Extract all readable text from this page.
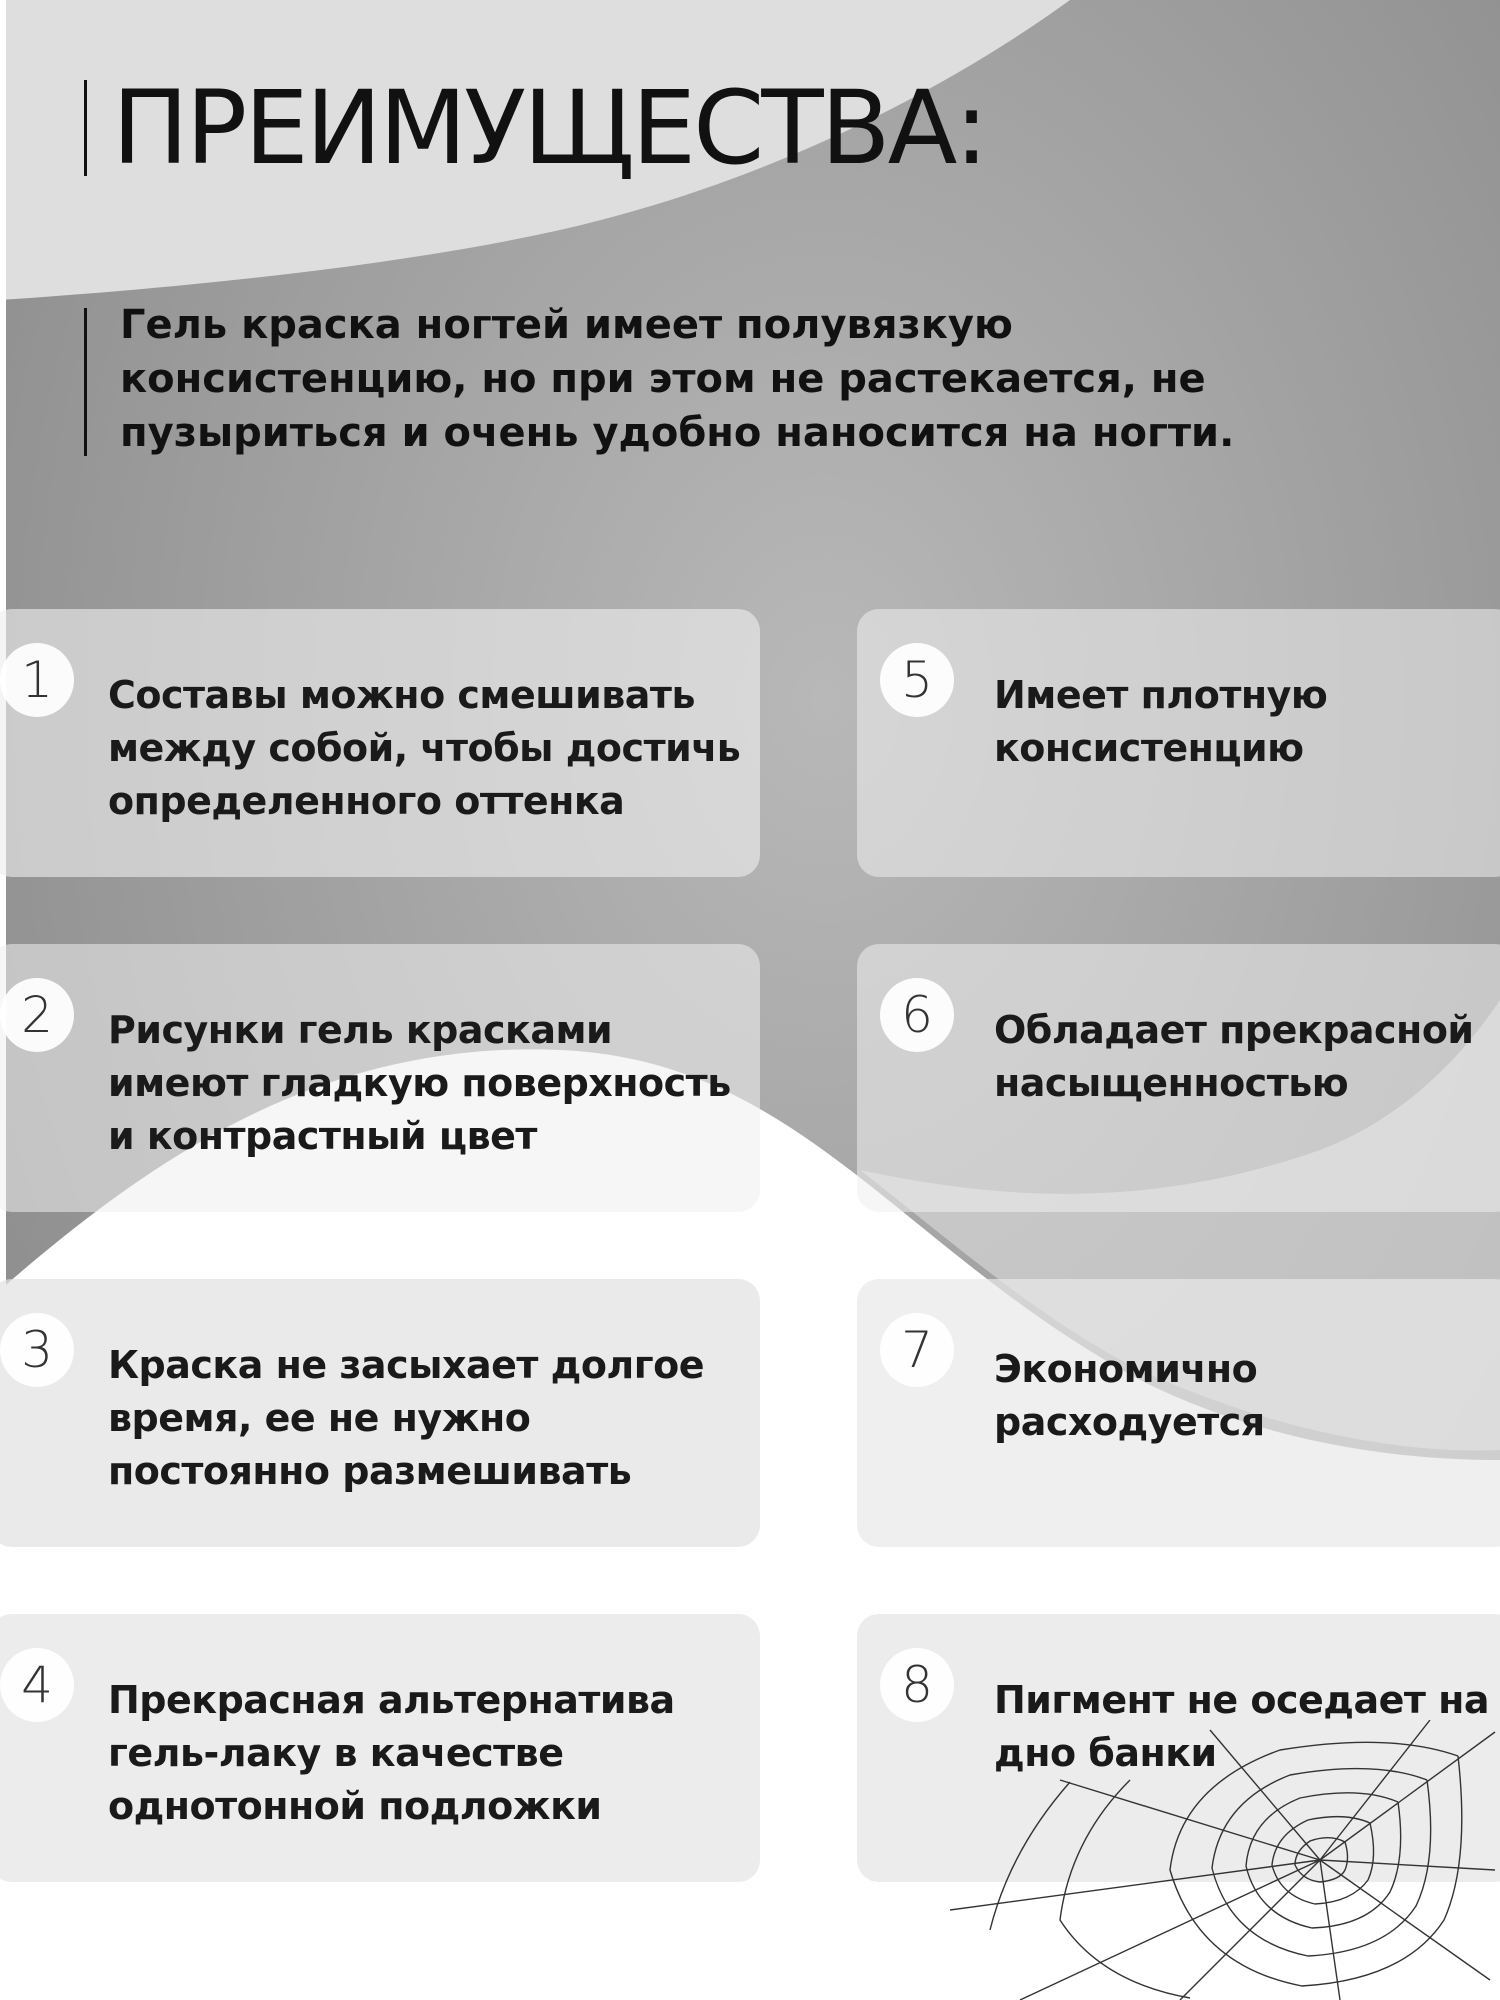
ПРЕИМУЩЕСТВА:

Гель краска ногтей имеет полувязкую консистенцию, но при этом не растекается, не пузыриться и очень удобно наносится на ногти.

1	Составы можно смешивать между собой, чтобы достичь определенного оттенка

2	Рисунки гель красками имеют гладкую поверхность и контрастный цвет

3	Краска не засыхает долгое время, ее не нужно постоянно размешивать

4	Прекрасная альтернатива гель-лаку в качестве однотонной подложки

5	Имеет плотную консистенцию

6	Обладает прекрасной насыщенностью

7	Экономично расходуется

8	Пигмент не оседает на дно банки
